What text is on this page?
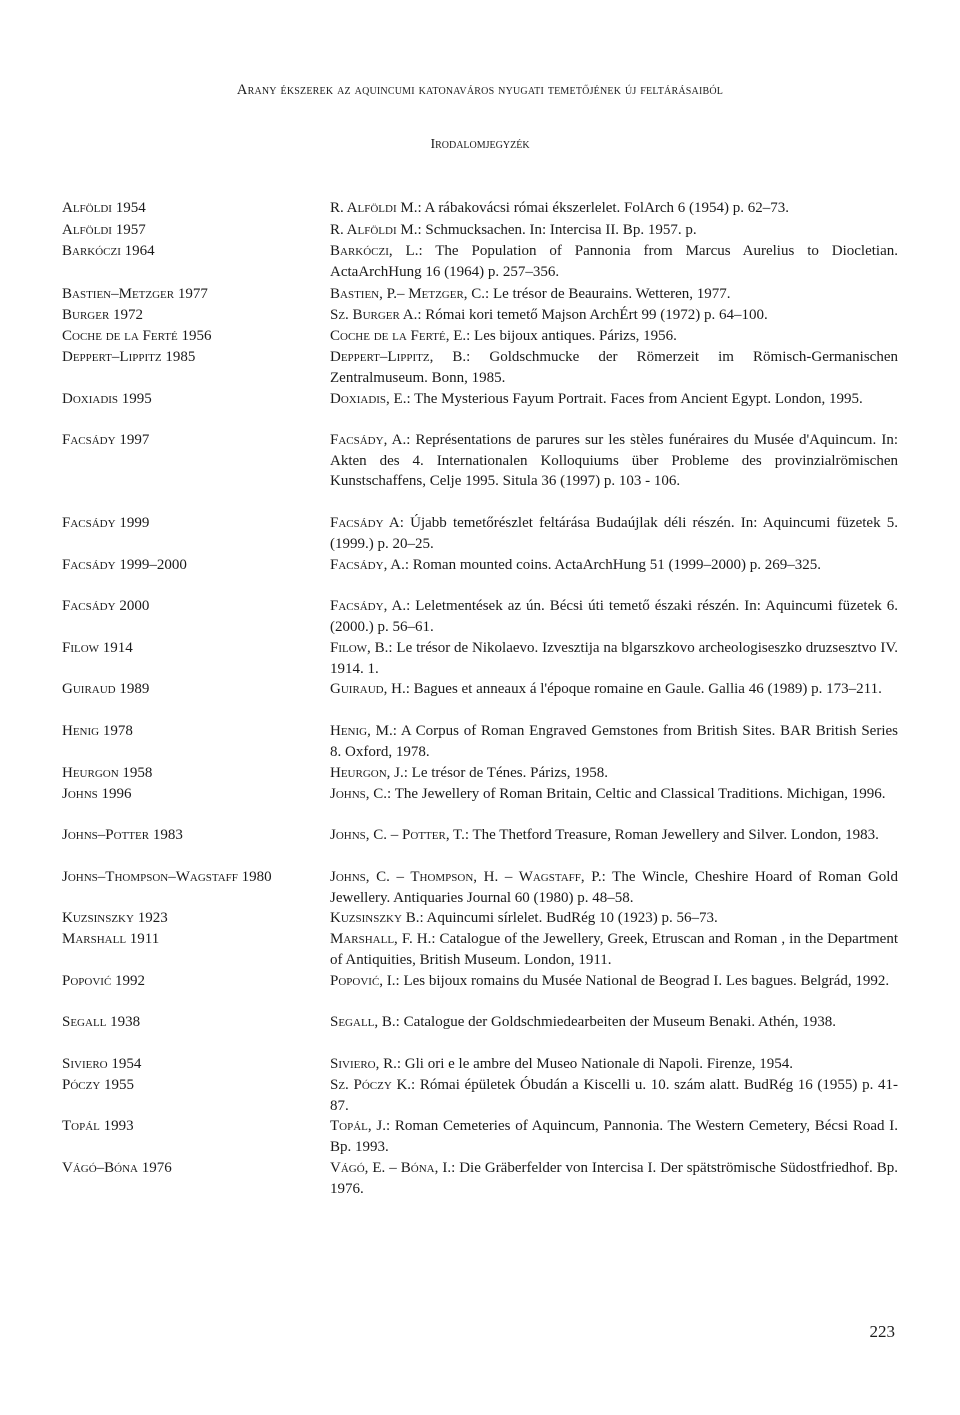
Arany ékszerek az aquincumi katonaváros nyugati temetőjének új feltárásaiból
Irodalomjegyzék
Alföldi 1954	R. Alföldi M.: A rábakovácsi római ékszerlelet. FolArch 6 (1954) p. 62–73.
Alföldi 1957	R. Alföldi M.: Schmucksachen. In: Intercisa II. Bp. 1957. p.
Barkóczi 1964	Barkóczi, L.: The Population of Pannonia from Marcus Aurelius to Diocletian. ActaArchHung 16 (1964) p. 257–356.
Bastien–Metzger 1977	Bastien, P.– Metzger, C.: Le trésor de Beaurains. Wetteren, 1977.
Burger 1972	Sz. Burger A.: Római kori temető Majson ArchÉrt 99 (1972) p. 64–100.
Coche de la Ferté 1956	Coche de la Ferté, E.: Les bijoux antiques. Párizs, 1956.
Deppert–Lippitz 1985	Deppert–Lippitz, B.: Goldschmucke der Römerzeit im Römisch-Germanischen Zentralmuseum. Bonn, 1985.
Doxiadis 1995	Doxiadis, E.: The Mysterious Fayum Portrait. Faces from Ancient Egypt. London, 1995.
Facsády 1997	Facsády, A.: Représentations de parures sur les stèles funéraires du Musée d'Aquincum. In: Akten des 4. Internationalen Kolloquiums über Probleme des provinzialrömischen Kunstschaffens, Celje 1995. Situla 36 (1997) p. 103 - 106.
Facsády 1999	Facsády A: Újabb temetőrészlet feltárása Budaújlak déli részén. In: Aquincumi füzetek 5. (1999.) p. 20–25.
Facsády 1999–2000	Facsády, A.: Roman mounted coins. ActaArchHung 51 (1999–2000) p. 269–325.
Facsády 2000	Facsády, A.: Leletmentések az ún. Bécsi úti temető északi részén. In: Aquincumi füzetek 6. (2000.) p. 56–61.
Filow 1914	Filow, B.: Le trésor de Nikolaevo. Izvesztija na blgarszkovo archeologiseszko druzsesztvo IV. 1914. 1.
Guiraud 1989	Guiraud, H.: Bagues et anneaux á l'époque romaine en Gaule. Gallia 46 (1989) p. 173–211.
Henig 1978	Henig, M.: A Corpus of Roman Engraved Gemstones from British Sites. BAR British Series 8. Oxford, 1978.
Heurgon 1958	Heurgon, J.: Le trésor de Ténes. Párizs, 1958.
Johns 1996	Johns, C.: The Jewellery of Roman Britain, Celtic and Classical Traditions. Michigan, 1996.
Johns–Potter 1983	Johns, C. – Potter, T.: The Thetford Treasure, Roman Jewellery and Silver. London, 1983.
Johns–Thompson–Wagstaff 1980	Johns, C. – Thompson, H. – Wagstaff, P.: The Wincle, Cheshire Hoard of Roman Gold Jewellery. Antiquaries Journal 60 (1980) p. 48–58.
Kuzsinszky 1923	Kuzsinszky B.: Aquincumi sírlelet. BudRég 10 (1923) p. 56–73.
Marshall 1911	Marshall, F. H.: Catalogue of the Jewellery, Greek, Etruscan and Roman , in the Department of Antiquities, British Museum. London, 1911.
Popović 1992	Popović, I.: Les bijoux romains du Musée National de Beograd I. Les bagues. Belgrád, 1992.
Segall 1938	Segall, B.: Catalogue der Goldschmiedearbeiten der Museum Benaki. Athén, 1938.
Siviero 1954	Siviero, R.: Gli ori e le ambre del Museo Nationale di Napoli. Firenze, 1954.
Póczy 1955	Sz. Póczy K.: Római épületek Óbudán a Kiscelli u. 10. szám alatt. BudRég 16 (1955) p. 41- 87.
Topál 1993	Topál, J.: Roman Cemeteries of Aquincum, Pannonia. The Western Cemetery, Bécsi Road I. Bp. 1993.
Vágó–Bóna 1976	Vágó, E. – Bóna, I.: Die Gräberfelder von Intercisa I. Der spätströmische Südostfriedhof. Bp. 1976.
223
